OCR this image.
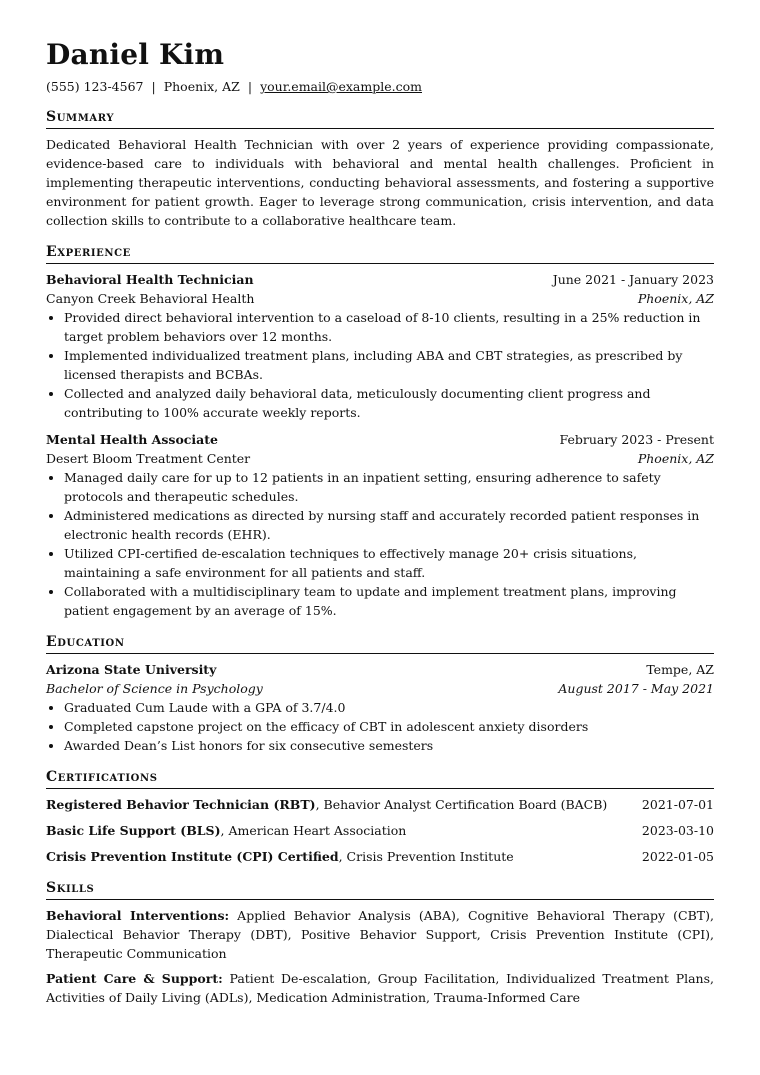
Daniel Kim
(555) 123-4567 | Phoenix, AZ | your.email@example.com
Summary
Dedicated Behavioral Health Technician with over 2 years of experience providing compassionate, evidence-based care to individuals with behavioral and mental health challenges. Proficient in implementing therapeutic interventions, conducting behavioral assessments, and fostering a supportive environment for patient growth. Eager to leverage strong communication, crisis intervention, and data collection skills to contribute to a collaborative healthcare team.
Experience
Behavioral Health Technician	June 2021 - January 2023
Canyon Creek Behavioral Health	Phoenix, AZ
• Provided direct behavioral intervention to a caseload of 8-10 clients, resulting in a 25% reduction in target problem behaviors over 12 months.
• Implemented individualized treatment plans, including ABA and CBT strategies, as prescribed by licensed therapists and BCBAs.
• Collected and analyzed daily behavioral data, meticulously documenting client progress and contributing to 100% accurate weekly reports.
Mental Health Associate	February 2023 - Present
Desert Bloom Treatment Center	Phoenix, AZ
• Managed daily care for up to 12 patients in an inpatient setting, ensuring adherence to safety protocols and therapeutic schedules.
• Administered medications as directed by nursing staff and accurately recorded patient responses in electronic health records (EHR).
• Utilized CPI-certified de-escalation techniques to effectively manage 20+ crisis situations, maintaining a safe environment for all patients and staff.
• Collaborated with a multidisciplinary team to update and implement treatment plans, improving patient engagement by an average of 15%.
Education
Arizona State University	Tempe, AZ
Bachelor of Science in Psychology	August 2017 - May 2021
• Graduated Cum Laude with a GPA of 3.7/4.0
• Completed capstone project on the efficacy of CBT in adolescent anxiety disorders
• Awarded Dean’s List honors for six consecutive semesters
Certifications
Registered Behavior Technician (RBT), Behavior Analyst Certification Board (BACB)	2021-07-01
Basic Life Support (BLS), American Heart Association	2023-03-10
Crisis Prevention Institute (CPI) Certified, Crisis Prevention Institute	2022-01-05
Skills
Behavioral Interventions: Applied Behavior Analysis (ABA), Cognitive Behavioral Therapy (CBT), Dialectical Behavior Therapy (DBT), Positive Behavior Support, Crisis Prevention Institute (CPI), Therapeutic Communication
Patient Care & Support: Patient De-escalation, Group Facilitation, Individualized Treatment Plans, Activities of Daily Living (ADLs), Medication Administration, Trauma-Informed Care
